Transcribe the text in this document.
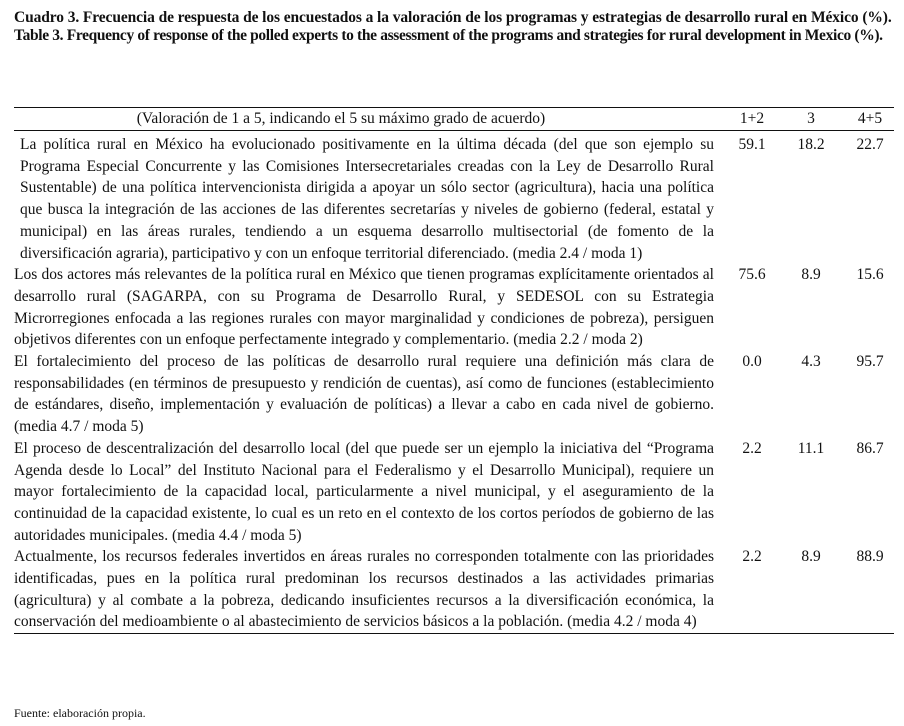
Cuadro 3. Frecuencia de respuesta de los encuestados a la valoración de los programas y estrategias de desarrollo rural en México (%).
Table 3. Frequency of response of the polled experts to the assessment of the programs and strategies for rural development in Mexico (%).
(Valoración de 1 a 5, indicando el 5 su máximo grado de acuerdo)	1+2	3	4+5
La política rural en México ha evolucionado positivamente en la última década (del que son ejemplo su Programa Especial Concurrente y las Comisiones Intersecretariales creadas con la Ley de Desarrollo Rural Sustentable) de una política intervencionista dirigida a apoyar un sólo sector (agricultura), hacia una política que busca la integración de las acciones de las diferentes secretarías y niveles de gobierno (federal, estatal y municipal) en las áreas rurales, tendiendo a un esquema desarrollo multisectorial (de fomento de la diversificación agraria), participativo y con un enfoque territorial diferenciado. (media 2.4 / moda 1)	59.1	18.2	22.7
Los dos actores más relevantes de la política rural en México que tienen programas explícitamente orientados al desarrollo rural (SAGARPA, con su Programa de Desarrollo Rural, y SEDESOL con su Estrategia Microrregiones enfocada a las regiones rurales con mayor marginalidad y condiciones de pobreza), persiguen objetivos diferentes con un enfoque perfectamente integrado y complementario. (media 2.2 / moda 2)	75.6	8.9	15.6
El fortalecimiento del proceso de las políticas de desarrollo rural requiere una definición más clara de responsabilidades (en términos de presupuesto y rendición de cuentas), así como de funciones (establecimiento de estándares, diseño, implementación y evaluación de políticas) a llevar a cabo en cada nivel de gobierno. (media 4.7 / moda 5)	0.0	4.3	95.7
El proceso de descentralización del desarrollo local (del que puede ser un ejemplo la iniciativa del “Programa Agenda desde lo Local” del Instituto Nacional para el Federalismo y el Desarrollo Municipal), requiere un mayor fortalecimiento de la capacidad local, particularmente a nivel municipal, y el aseguramiento de la continuidad de la capacidad existente, lo cual es un reto en el contexto de los cortos períodos de gobierno de las autoridades municipales. (media 4.4 / moda 5)	2.2	11.1	86.7
Actualmente, los recursos federales invertidos en áreas rurales no corresponden totalmente con las prioridades identificadas, pues en la política rural predominan los recursos destinados a las actividades primarias (agricultura) y al combate a la pobreza, dedicando insuficientes recursos a la diversificación económica, la conservación del medioambiente o al abastecimiento de servicios básicos a la población. (media 4.2 / moda 4)	2.2	8.9	88.9
Fuente: elaboración propia.
